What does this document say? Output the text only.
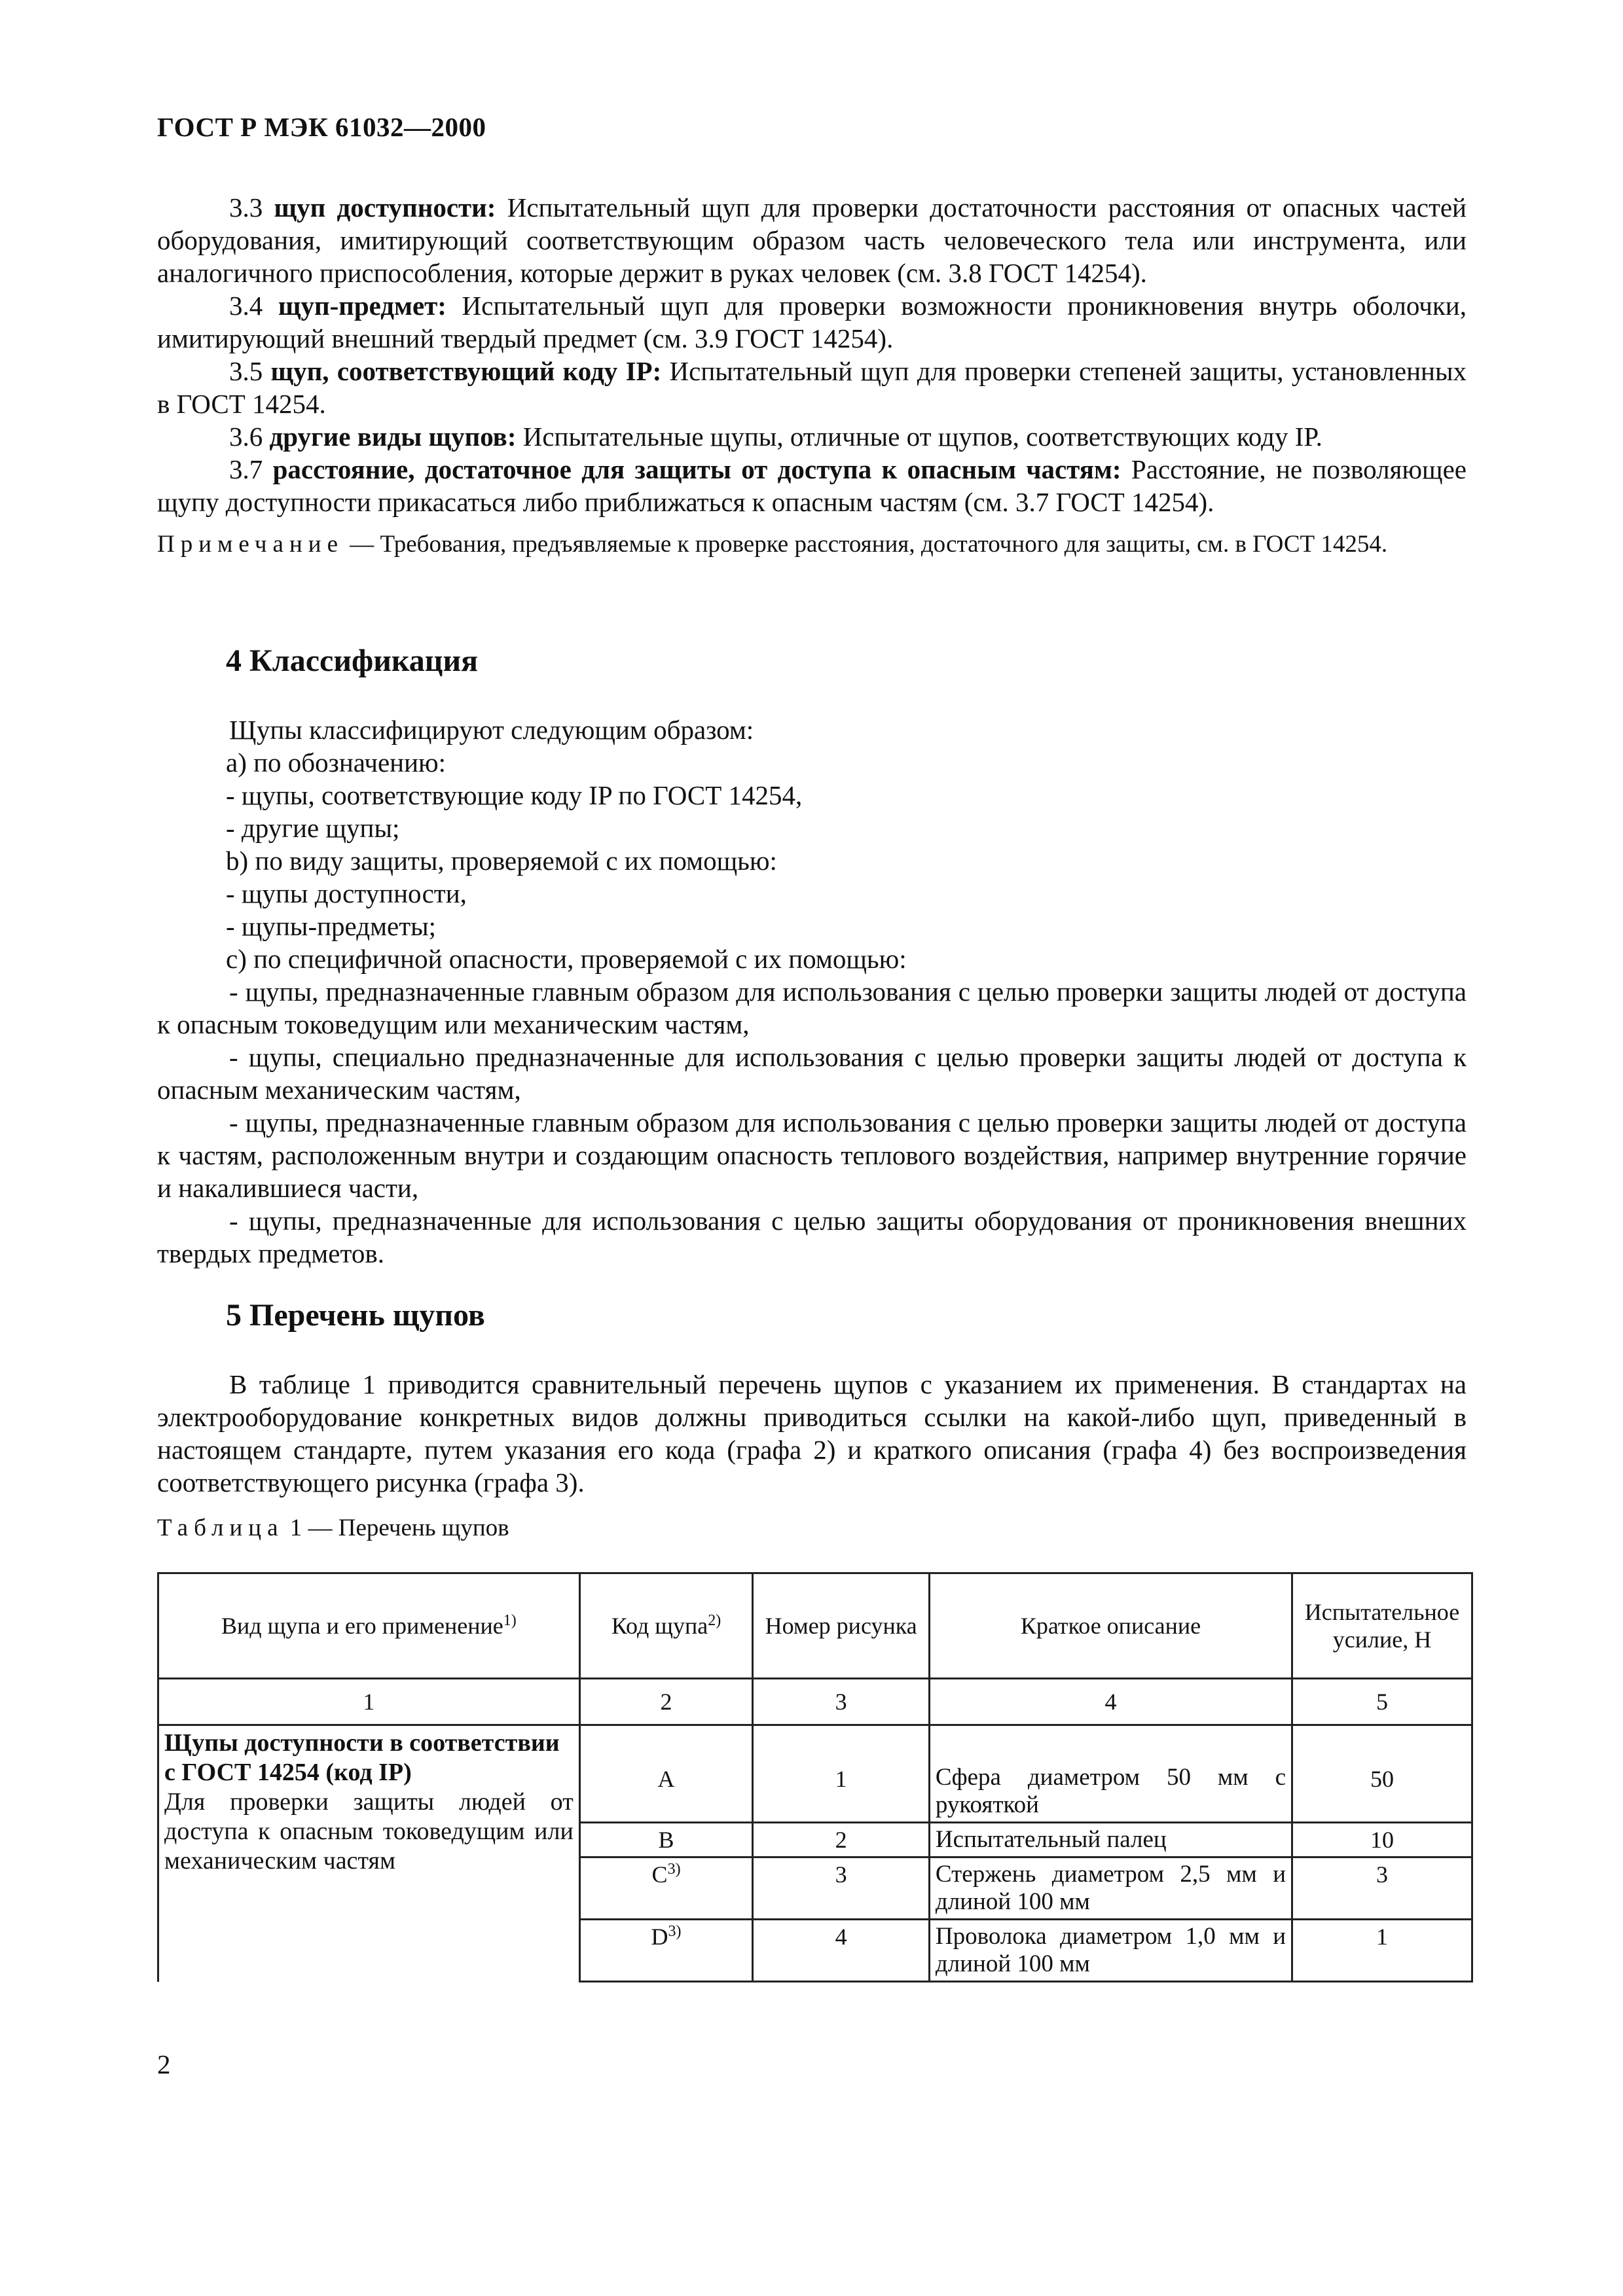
ГОСТ Р МЭК 61032—2000

3.3 щуп доступности: Испытательный щуп для проверки достаточности расстояния от опасных частей оборудования, имитирующий соответствующим образом часть человеческого тела или инструмента, или аналогичного приспособления, которые держит в руках человек (см. 3.8 ГОСТ 14254).

3.4 щуп-предмет: Испытательный щуп для проверки возможности проникновения внутрь оболочки, имитирующий внешний твердый предмет (см. 3.9 ГОСТ 14254).

3.5 щуп, соответствующий коду IP: Испытательный щуп для проверки степеней защиты, установленных в ГОСТ 14254.

3.6 другие виды щупов: Испытательные щупы, отличные от щупов, соответствующих коду IP.

3.7 расстояние, достаточное для защиты от доступа к опасным частям: Расстояние, не позволяющее щупу доступности прикасаться либо приближаться к опасным частям (см. 3.7 ГОСТ 14254).

Примечание — Требования, предъявляемые к проверке расстояния, достаточного для защиты, см. в ГОСТ 14254.
4 Классификация

Щупы классифицируют следующим образом:

а) по обозначению:

- щупы, соответствующие коду IP по ГОСТ 14254,

- другие щупы;

b) по виду защиты, проверяемой с их помощью:

- щупы доступности,

- щупы-предметы;

с) по специфичной опасности, проверяемой с их помощью:

- щупы, предназначенные главным образом для использования с целью проверки защиты людей от доступа к опасным токоведущим или механическим частям,

- щупы, специально предназначенные для использования с целью проверки защиты людей от доступа к опасным механическим частям,

- щупы, предназначенные главным образом для использования с целью проверки защиты людей от доступа к частям, расположенным внутри и создающим опасность теплового воздействия, например внутренние горячие и накалившиеся части,

- щупы, предназначенные для использования с целью защиты оборудования от проникновения внешних твердых предметов.

5 Перечень щупов

В таблице 1 приводится сравнительный перечень щупов с указанием их применения. В стандартах на электрооборудование конкретных видов должны приводиться ссылки на какой-либо щуп, приведенный в настоящем стандарте, путем указания его кода (графа 2) и краткого описания (графа 4) без воспроизведения соответствующего рисунка (графа 3).

Таблица 1 — Перечень щупов
Вид щупа и его применение$^{1)}$	Код щупа$^{2)}$	Номер рисунка	Краткое описание	Испытательное усилие, Н
1	2	3	4	5

Щупы доступности в соответствии с ГОСТ 14254 (код IP)
Для проверки защиты людей от доступа к опасным токоведущим или механическим частям	A	1	Сфера диаметром 50 мм с рукояткой	50
	B	2	Испытательный палец	10
	$C^{3)}$	3	Стержень диаметром 2,5 мм и длиной 100 мм	3
	$D^{3)}$	4	Проволока диаметром 1,0 мм и длиной 100 мм	1
2
